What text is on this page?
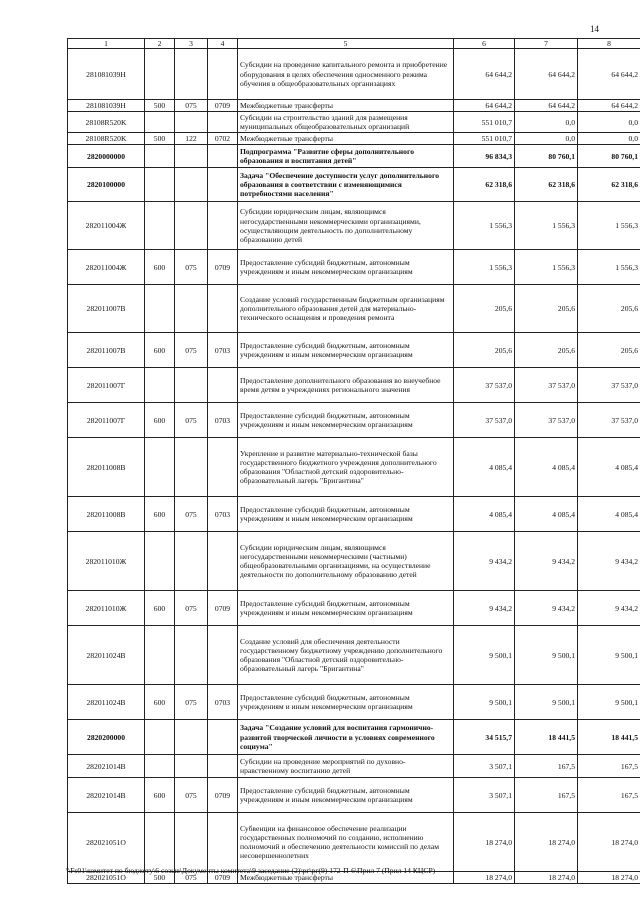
14
1	2	3	4	5	6	7	8
281081039Н				Субсидии на проведение капитального ремонта и приобретение оборудования в целях обеспечения односменного режима обучения в общеобразовательных организациях	64 644,2	64 644,2	64 644,2
281081039Н	500	075	0709	Межбюджетные трансферты	64 644,2	64 644,2	64 644,2
28108R520K				Субсидии на строительство зданий для размещения муниципальных общеобразовательных организаций	551 010,7	0,0	0,0
28108R520K	500	122	0702	Межбюджетные трансферты	551 010,7	0,0	0,0
2820000000				Подпрограмма "Развитие сферы дополнительного образования и воспитания детей"	96 834,3	80 760,1	80 760,1
2820100000				Задача "Обеспечение доступности услуг дополнительного образования в соответствии с изменяющимися потребностями населения"	62 318,6	62 318,6	62 318,6
282011004Ж				Субсидии юридическим лицам, являющимся негосударственными некоммерческими организациями, осуществляющим деятельность по дополнительному образованию детей	1 556,3	1 556,3	1 556,3
282011004Ж	600	075	0709	Предоставление субсидий бюджетным, автономным учреждениям и иным некоммерческим организациям	1 556,3	1 556,3	1 556,3
282011007В				Создание условий государственным бюджетным организациям дополнительного образования детей для материально-технического оснащения и проведения ремонта	205,6	205,6	205,6
282011007В	600	075	0703	Предоставление субсидий бюджетным, автономным учреждениям и иным некоммерческим организациям	205,6	205,6	205,6
282011007Г				Предоставление дополнительного образования во внеучебное время детям в учреждениях регионального значения	37 537,0	37 537,0	37 537,0
282011007Г	600	075	0703	Предоставление субсидий бюджетным, автономным учреждениям и иным некоммерческим организациям	37 537,0	37 537,0	37 537,0
282011008В				Укрепление и развитие материально-технической базы государственного бюджетного учреждения дополнительного образования "Областной детский оздоровительно-образовательный лагерь "Бригантина"	4 085,4	4 085,4	4 085,4
282011008В	600	075	0703	Предоставление субсидий бюджетным, автономным учреждениям и иным некоммерческим организациям	4 085,4	4 085,4	4 085,4
282011010Ж				Субсидии юридическим лицам, являющимся негосударственными некоммерческими (частными) общеобразовательными организациями, на осуществление деятельности по дополнительному образованию детей	9 434,2	9 434,2	9 434,2
282011010Ж	600	075	0709	Предоставление субсидий бюджетным, автономным учреждениям и иным некоммерческим организациям	9 434,2	9 434,2	9 434,2
282011024В				Создание условий для обеспечения деятельности государственному бюджетному учреждению дополнительного образования "Областной детский оздоровительно-образовательный лагерь "Бригантина"	9 500,1	9 500,1	9 500,1
282011024В	600	075	0703	Предоставление субсидий бюджетным, автономным учреждениям и иным некоммерческим организациям	9 500,1	9 500,1	9 500,1
2820200000				Задача "Создание условий для воспитания гармонично-развитой творческой личности в условиях современного социума"	34 515,7	18 441,5	18 441,5
282021014В				Субсидии на проведение мероприятий по духовно-нравственному воспитанию детей	3 507,1	167,5	167,5
282021014В	600	075	0709	Предоставление субсидий бюджетным, автономным учреждениям и иным некоммерческим организациям	3 507,1	167,5	167,5
282021051О				Субвенции на финансовое обеспечение реализации государственных полномочий по созданию, исполнению полномочий и обеспечению деятельности комиссий по делам несовершеннолетних	18 274,0	18 274,0	18 274,0
282021051О	500	075	0709	Межбюджетные трансферты	18 274,0	18 274,0	18 274,0
\\Fs01\комитет по бюджету\6 созыв\Документы комитета\9 заседание (2)\рг\рг(9) 172-П-6\Прил 7 (Прил 14 КЦСР)
